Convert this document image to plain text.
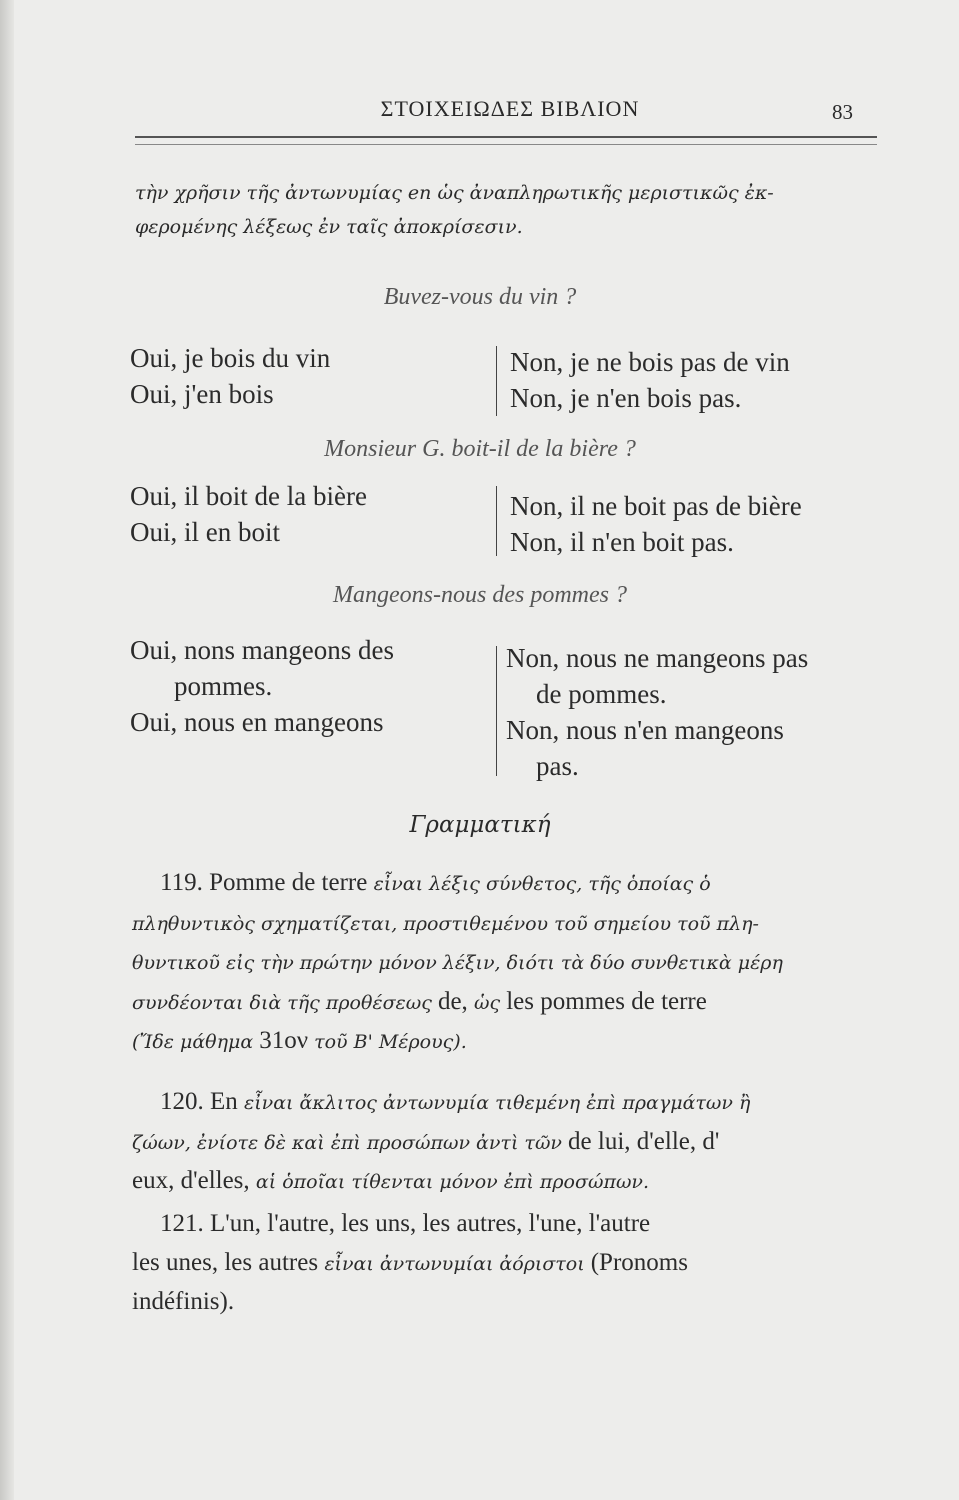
ΣΤΟΙΧΕΙΩΔΕΣ ΒΙΒΛΙΟΝ	83
τὴν χρῆσιν τῆς ἀντωνυμίας en ὡς ἀναπληρωτικῆς μεριστικῶς ἐκ-
φερομένης λέξεως ἐν ταῖς ἀποκρίσεσιν.
Buvez-vous du vin ?
Oui, je bois du vin
Oui, j'en bois
Non, je ne bois pas de vin
Non, je n'en bois pas.
Monsieur G. boit-il de la bière ?
Oui, il boit de la bière
Oui, il en boit
Non, il ne boit pas de bière
Non, il n'en boit pas.
Mangeons-nous des pommes ?
Oui, nons mangeons des
pommes.
Oui, nous en mangeons
Non, nous ne mangeons pas
de pommes.
Non, nous n'en mangeons
pas.
Γραμματική
119. Pomme de terre εἶναι λέξις σύνθετος, τῆς ὁποίας ὁ
πληθυντικὸς σχηματίζεται, προστιθεμένου τοῦ σημείου τοῦ πλη-
θυντικοῦ εἰς τὴν πρώτην μόνον λέξιν, διότι τὰ δύο συνθετικὰ μέρη
συνδέονται διὰ τῆς προθέσεως de, ὡς les pommes de terre
(Ἴδε μάθημα 31ον τοῦ Β' Μέρους).
120. En εἶναι ἄκλιτος ἀντωνυμία τιθεμένη ἐπὶ πραγμάτων ἢ
ζώων, ἐνίοτε δὲ καὶ ἐπὶ προσώπων ἀντὶ τῶν de lui, d'elle, d'
eux, d'elles, αἱ ὁποῖαι τίθενται μόνον ἐπὶ προσώπων.
121. L'un, l'autre, les uns, les autres, l'une, l'autre
les unes, les autres εἶναι ἀντωνυμίαι ἀόριστοι (Pronoms
indéfinis).
